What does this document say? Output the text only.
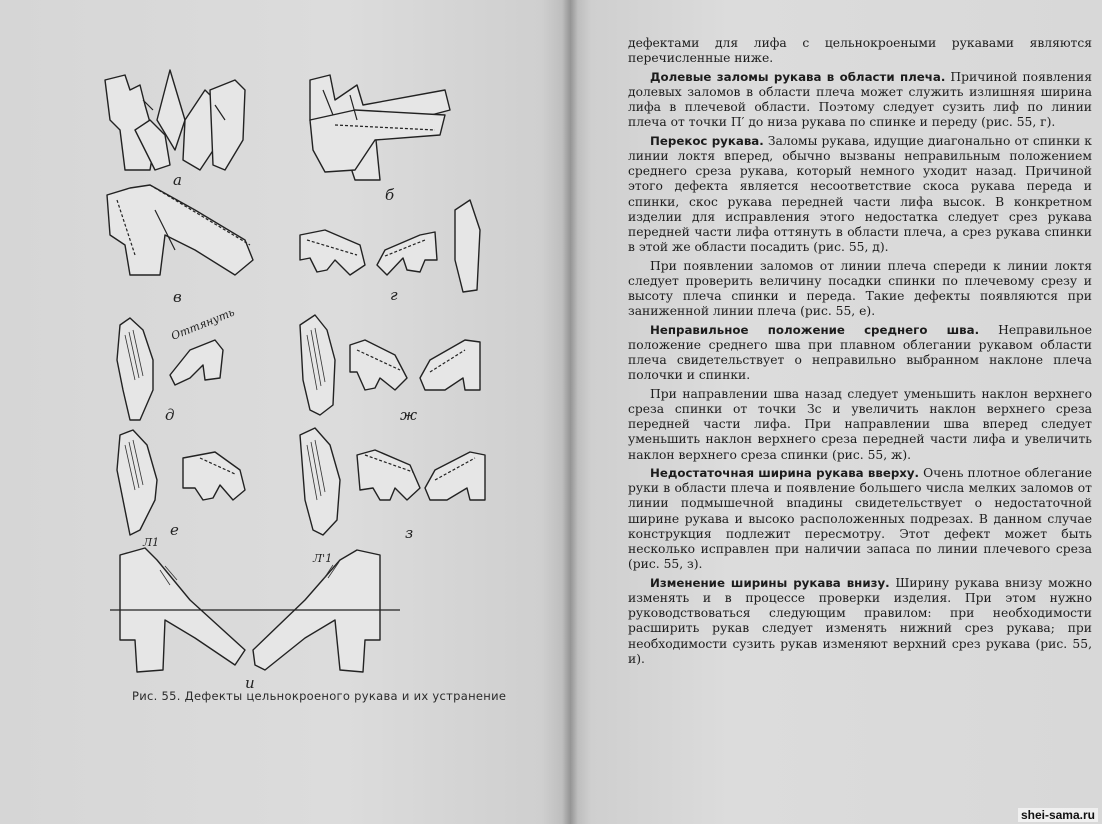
а
б
в	г
Оттянуть
д	ж
е	з
Л1
Л'1
и
Рис. 55. Дефекты цельнокроеного рукава и их устранение

дефектами для лифа с цельнокроеными рукавами являются перечисленные ниже.

Долевые заломы рукава в области плеча. Причиной появления долевых заломов в области плеча может служить излишняя ширина лифа в плечевой области. Поэтому следует сузить лиф по линии плеча от точки П′ до низа рукава по спинке и переду (рис. 55, г).

Перекос рукава. Заломы рукава, идущие диагонально от спинки к линии локтя вперед, обычно вызваны неправильным положением среднего среза рукава, который немного уходит назад. Причиной этого дефекта является несоответствие скоса рукава переда и спинки, скос рукава передней части лифа высок. В конкретном изделии для исправления этого недостатка следует срез рукава передней части лифа оттянуть в области плеча, а срез рукава спинки в этой же области посадить (рис. 55, д).

При появлении заломов от линии плеча спереди к линии локтя следует проверить величину посадки спинки по плечевому срезу и высоту плеча спинки и переда. Такие дефекты появляются при заниженной линии плеча (рис. 55, е).

Неправильное положение среднего шва. Неправильное положение среднего шва при плавном облегании рукавом области плеча свидетельствует о неправильно выбранном наклоне плеча полочки и спинки.

При направлении шва назад следует уменьшить наклон верхнего среза спинки от точки Зс и увеличить наклон верхнего среза передней части лифа. При направлении шва вперед следует уменьшить наклон верхнего среза передней части лифа и увеличить наклон верхнего среза спинки (рис. 55, ж).

Недостаточная ширина рукава вверху. Очень плотное облегание руки в области плеча и появление большего числа мелких заломов от линии подмышечной впадины свидетельствует о недостаточной ширине рукава и высоко расположенных подрезах. В данном случае конструкция подлежит пересмотру. Этот дефект может быть несколько исправлен при наличии запаса по линии плечевого среза (рис. 55, з).

Изменение ширины рукава внизу. Ширину рукава внизу можно изменять и в процессе проверки изделия. При этом нужно руководствоваться следующим правилом: при необходимости расширить рукав следует изменять нижний срез рукава; при необходимости сузить рукав изменяют верхний срез рукава (рис. 55, и).

shei-sama.ru
